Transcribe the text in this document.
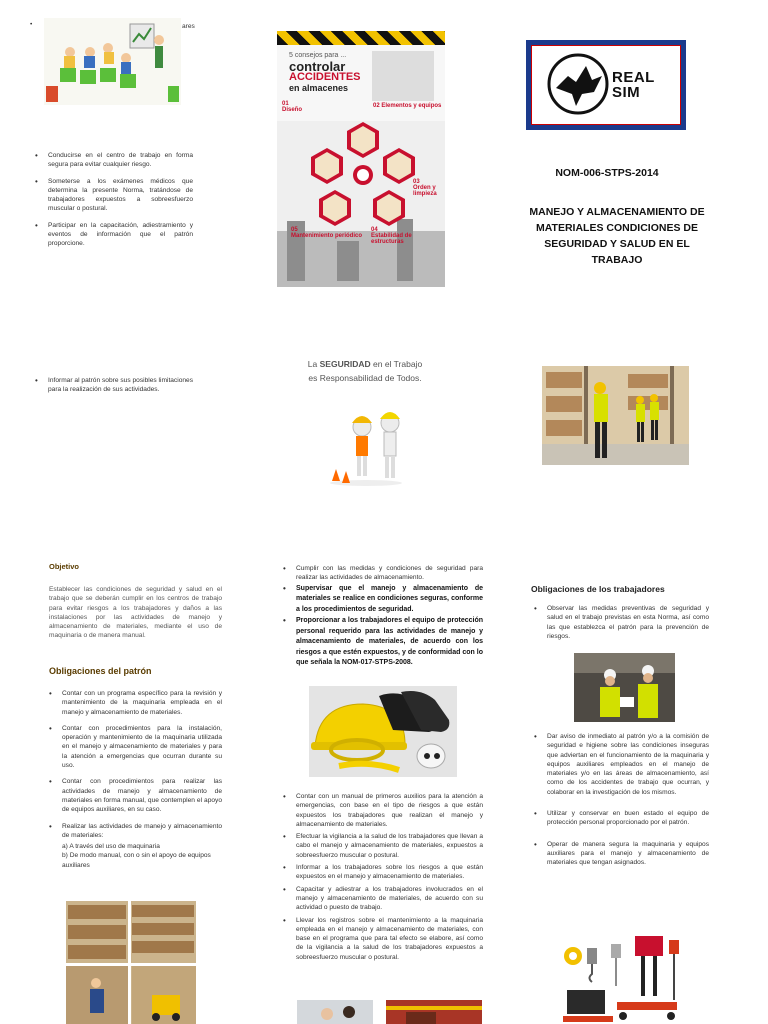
•	ares
• Conducirse en el centro de trabajo en forma segura para evitar cualquier riesgo.
• Someterse a los exámenes médicos que determina la presente Norma, tratándose de trabajadores expuestos a sobreesfuerzo muscular o postural.
• Participar en la capacitación, adiestramiento y eventos de información que el patrón proporcione.
• Informar al patrón sobre sus posibles limitaciones para la realización de sus actividades.
5 consejos para ...
controlar
ACCIDENTES
en almacenes
01
Diseño
02 Elementos y equipos
03
Orden y limpieza
04
Estabilidad de estructuras
05
Mantenimiento periódico
La SEGURIDAD en el Trabajo
es Responsabilidad de Todos.
REAL SIM
NOM-006-STPS-2014
MANEJO Y ALMACENAMIENTO DE MATERIALES CONDICIONES DE SEGURIDAD Y SALUD EN EL TRABAJO
Objetivo
Establecer las condiciones de seguridad y salud en el trabajo que se deberán cumplir en los centros de trabajo para evitar riesgos a los trabajadores y daños a las instalaciones por las actividades de manejo y almacenamiento de materiales, mediante el uso de maquinaria o de manera manual.
Obligaciones del patrón
• Contar con un programa específico para la revisión y mantenimiento de la maquinaria empleada en el manejo y almacenamiento de materiales.
• Contar con procedimientos para la instalación, operación y mantenimiento de la maquinaria utilizada en el manejo y almacenamiento de materiales y para la atención a emergencias que ocurran durante su uso.
• Contar con procedimientos para realizar las actividades de manejo y almacenamiento de materiales en forma manual, que contemplen el apoyo de equipos auxiliares, en su caso.
• Realizar las actividades de manejo y almacenamiento de materiales:
a) A través del uso de maquinaria
b) De modo manual, con o sin el apoyo de equipos auxiliares
• Cumplir con las medidas y condiciones de seguridad para realizar las actividades de almacenamiento.
• Supervisar que el manejo y almacenamiento de materiales se realice en condiciones seguras, conforme a los procedimientos de seguridad.
• Proporcionar a los trabajadores el equipo de protección personal requerido para las actividades de manejo y almacenamiento de materiales, de acuerdo con los riesgos a que estén expuestos, y de conformidad con lo que señala la NOM-017-STPS-2008.
• Contar con un manual de primeros auxilios para la atención a emergencias, con base en el tipo de riesgos a que están expuestos los trabajadores que realizan el manejo y almacenamiento de materiales.
• Efectuar la vigilancia a la salud de los trabajadores que llevan a cabo el manejo y almacenamiento de materiales, expuestos a sobreesfuerzo muscular o postural.
• Informar a los trabajadores sobre los riesgos a que están expuestos en el manejo y almacenamiento de materiales.
• Capacitar y adiestrar a los trabajadores involucrados en el manejo y almacenamiento de materiales, de acuerdo con su actividad o puesto de trabajo.
• Llevar los registros sobre el mantenimiento a la maquinaria empleada en el manejo y almacenamiento de materiales, con base en el programa que para tal efecto se elabore, así como de la vigilancia a la salud de los trabajadores expuestos a sobreesfuerzo muscular o postural.
Obligaciones de los trabajadores
• Observar las medidas preventivas de seguridad y salud en el trabajo previstas en esta Norma, así como las que establezca el patrón para la prevención de riesgos.
• Dar aviso de inmediato al patrón y/o a la comisión de seguridad e higiene sobre las condiciones inseguras que adviertan en el funcionamiento de la maquinaria y equipos auxiliares empleados en el manejo de materiales y/o en las áreas de almacenamiento, así como de los accidentes de trabajo que ocurran, y colaborar en la investigación de los mismos.
• Utilizar y conservar en buen estado el equipo de protección personal proporcionado por el patrón.
• Operar de manera segura la maquinaria y equipos auxiliares para el manejo y almacenamiento de materiales que tengan asignados.
